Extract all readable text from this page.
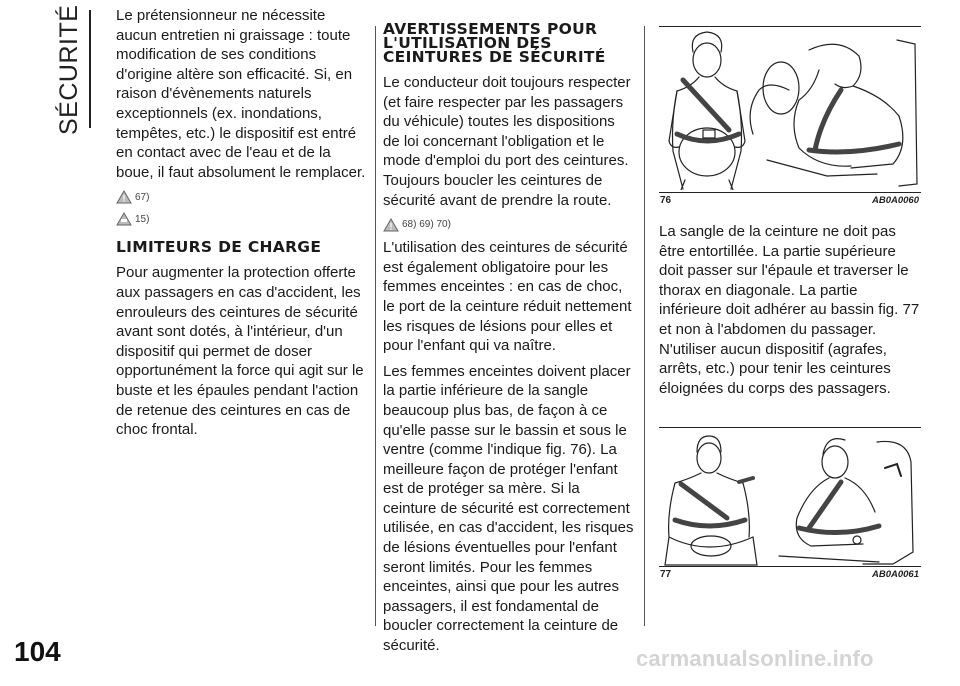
SÉCURITÉ
104

Le prétensionneur ne nécessite aucun entretien ni graissage : toute modification de ses conditions d'origine altère son efficacité. Si, en raison d'évènements naturels exceptionnels (ex. inondations, tempêtes, etc.) le dispositif est entré en contact avec de l'eau et de la boue, il faut absolument le remplacer.

67)
15)
LIMITEURS DE CHARGE

Pour augmenter la protection offerte aux passagers en cas d'accident, les enrouleurs des ceintures de sécurité avant sont dotés, à l'intérieur, d'un dispositif qui permet de doser opportunément la force qui agit sur le buste et les épaules pendant l'action de retenue des ceintures en cas de choc frontal.

AVERTISSEMENTS POUR L'UTILISATION DES CEINTURES DE SÉCURITÉ

Le conducteur doit toujours respecter (et faire respecter par les passagers du véhicule) toutes les dispositions de loi concernant l'obligation et le mode d'emploi du port des ceintures. Toujours boucler les ceintures de sécurité avant de prendre la route.

68) 69) 70)

L'utilisation des ceintures de sécurité est également obligatoire pour les femmes enceintes : en cas de choc, le port de la ceinture réduit nettement les risques de lésions pour elles et pour l'enfant qui va naître.

Les femmes enceintes doivent placer la partie inférieure de la sangle beaucoup plus bas, de façon à ce qu'elle passe sur le bassin et sous le ventre (comme l'indique fig. 76). La meilleure façon de protéger l'enfant est de protéger sa mère. Si la ceinture de sécurité est correctement utilisée, en cas d'accident, les risques de lésions éventuelles pour l'enfant seront limités. Pour les femmes enceintes, ainsi que pour les autres passagers, il est fondamental de boucler correctement la ceinture de sécurité.

76	AB0A0060

La sangle de la ceinture ne doit pas être entortillée. La partie supérieure doit passer sur l'épaule et traverser le thorax en diagonale. La partie inférieure doit adhérer au bassin fig. 77 et non à l'abdomen du passager. N'utiliser aucun dispositif (agrafes, arrêts, etc.) pour tenir les ceintures éloignées du corps des passagers.

77	AB0A0061
carmanualsonline.info
